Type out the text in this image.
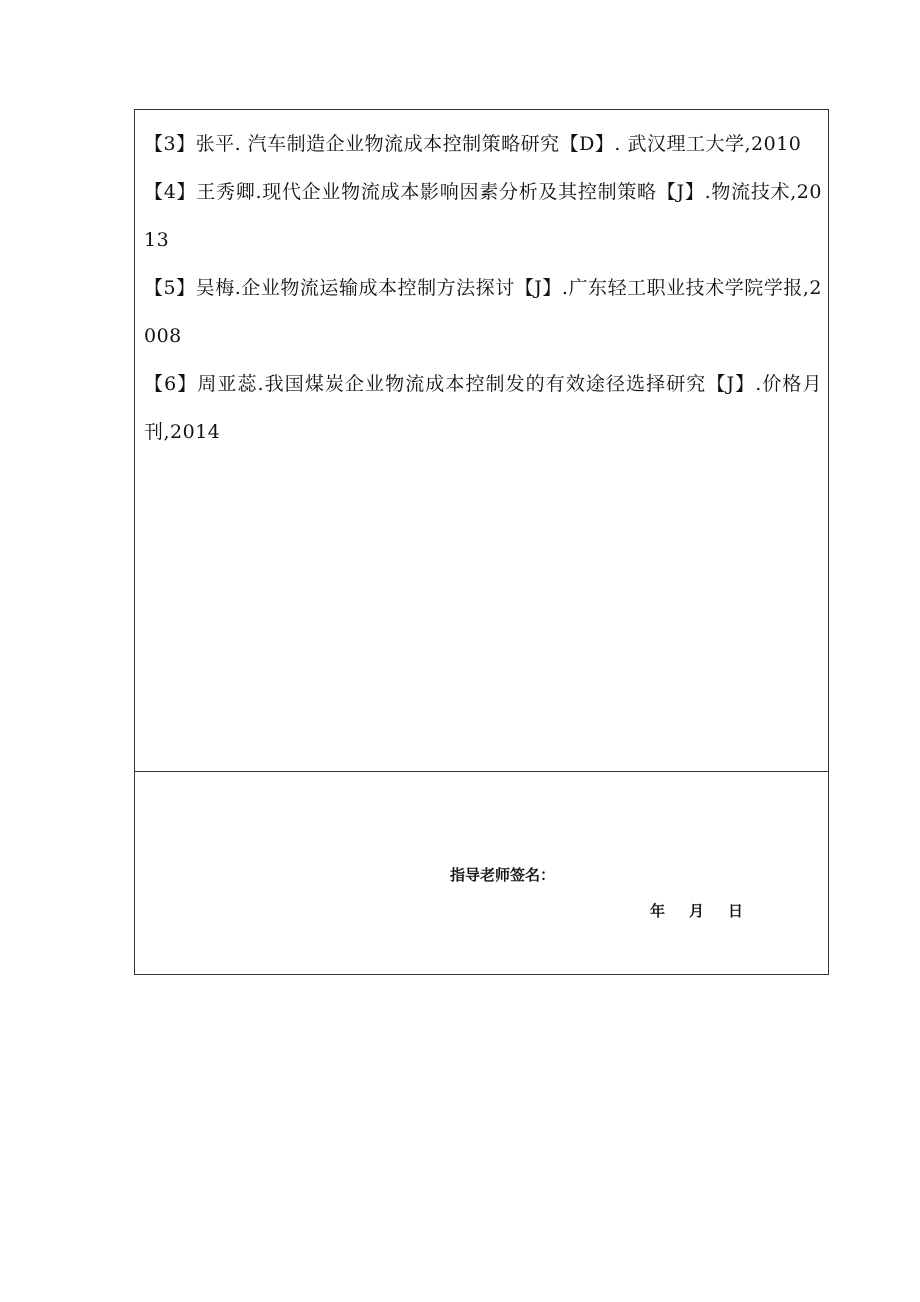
【3】张平. 汽车制造企业物流成本控制策略研究【D】. 武汉理工大学,2010
【4】王秀卿.现代企业物流成本影响因素分析及其控制策略【J】.物流技术,2013
【5】吴梅.企业物流运输成本控制方法探讨【J】.广东轻工职业技术学院学报,2008
【6】周亚蕊.我国煤炭企业物流成本控制发的有效途径选择研究【J】.价格月刊,2014
指导老师签名：
年 月 日
